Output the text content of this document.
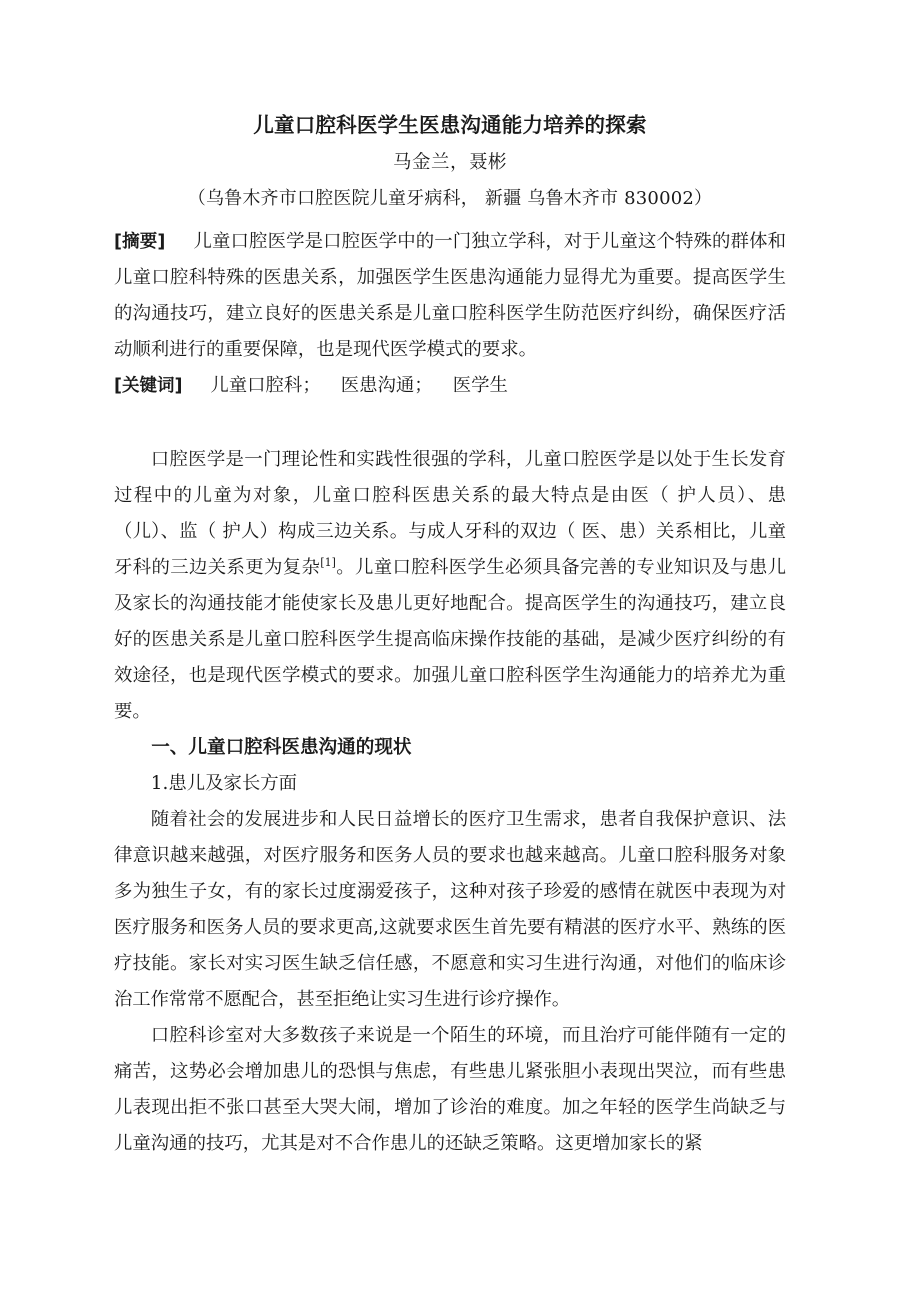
儿童口腔科医学生医患沟通能力培养的探索
马金兰，聂彬
（乌鲁木齐市口腔医院儿童牙病科， 新疆 乌鲁木齐市 830002）
[摘要] 儿童口腔医学是口腔医学中的一门独立学科，对于儿童这个特殊的群体和儿童口腔科特殊的医患关系，加强医学生医患沟通能力显得尤为重要。提高医学生的沟通技巧，建立良好的医患关系是儿童口腔科医学生防范医疗纠纷，确保医疗活动顺利进行的重要保障，也是现代医学模式的要求。
[关键词] 儿童口腔科； 医患沟通； 医学生

口腔医学是一门理论性和实践性很强的学科，儿童口腔医学是以处于生长发育过程中的儿童为对象，儿童口腔科医患关系的最大特点是由医（ 护人员）、患（儿）、监（ 护人）构成三边关系。与成人牙科的双边（ 医、患）关系相比，儿童牙科的三边关系更为复杂[1]。儿童口腔科医学生必须具备完善的专业知识及与患儿及家长的沟通技能才能使家长及患儿更好地配合。提高医学生的沟通技巧，建立良好的医患关系是儿童口腔科医学生提高临床操作技能的基础，是减少医疗纠纷的有效途径，也是现代医学模式的要求。加强儿童口腔科医学生沟通能力的培养尤为重要。

一、儿童口腔科医患沟通的现状
1.患儿及家长方面

随着社会的发展进步和人民日益增长的医疗卫生需求，患者自我保护意识、法律意识越来越强，对医疗服务和医务人员的要求也越来越高。儿童口腔科服务对象多为独生子女，有的家长过度溺爱孩子，这种对孩子珍爱的感情在就医中表现为对医疗服务和医务人员的要求更高,这就要求医生首先要有精湛的医疗水平、熟练的医疗技能。家长对实习医生缺乏信任感，不愿意和实习生进行沟通，对他们的临床诊治工作常常不愿配合，甚至拒绝让实习生进行诊疗操作。

口腔科诊室对大多数孩子来说是一个陌生的环境，而且治疗可能伴随有一定的痛苦，这势必会增加患儿的恐惧与焦虑，有些患儿紧张胆小表现出哭泣，而有些患儿表现出拒不张口甚至大哭大闹，增加了诊治的难度。加之年轻的医学生尚缺乏与儿童沟通的技巧，尤其是对不合作患儿的还缺乏策略。这更增加家长的紧
